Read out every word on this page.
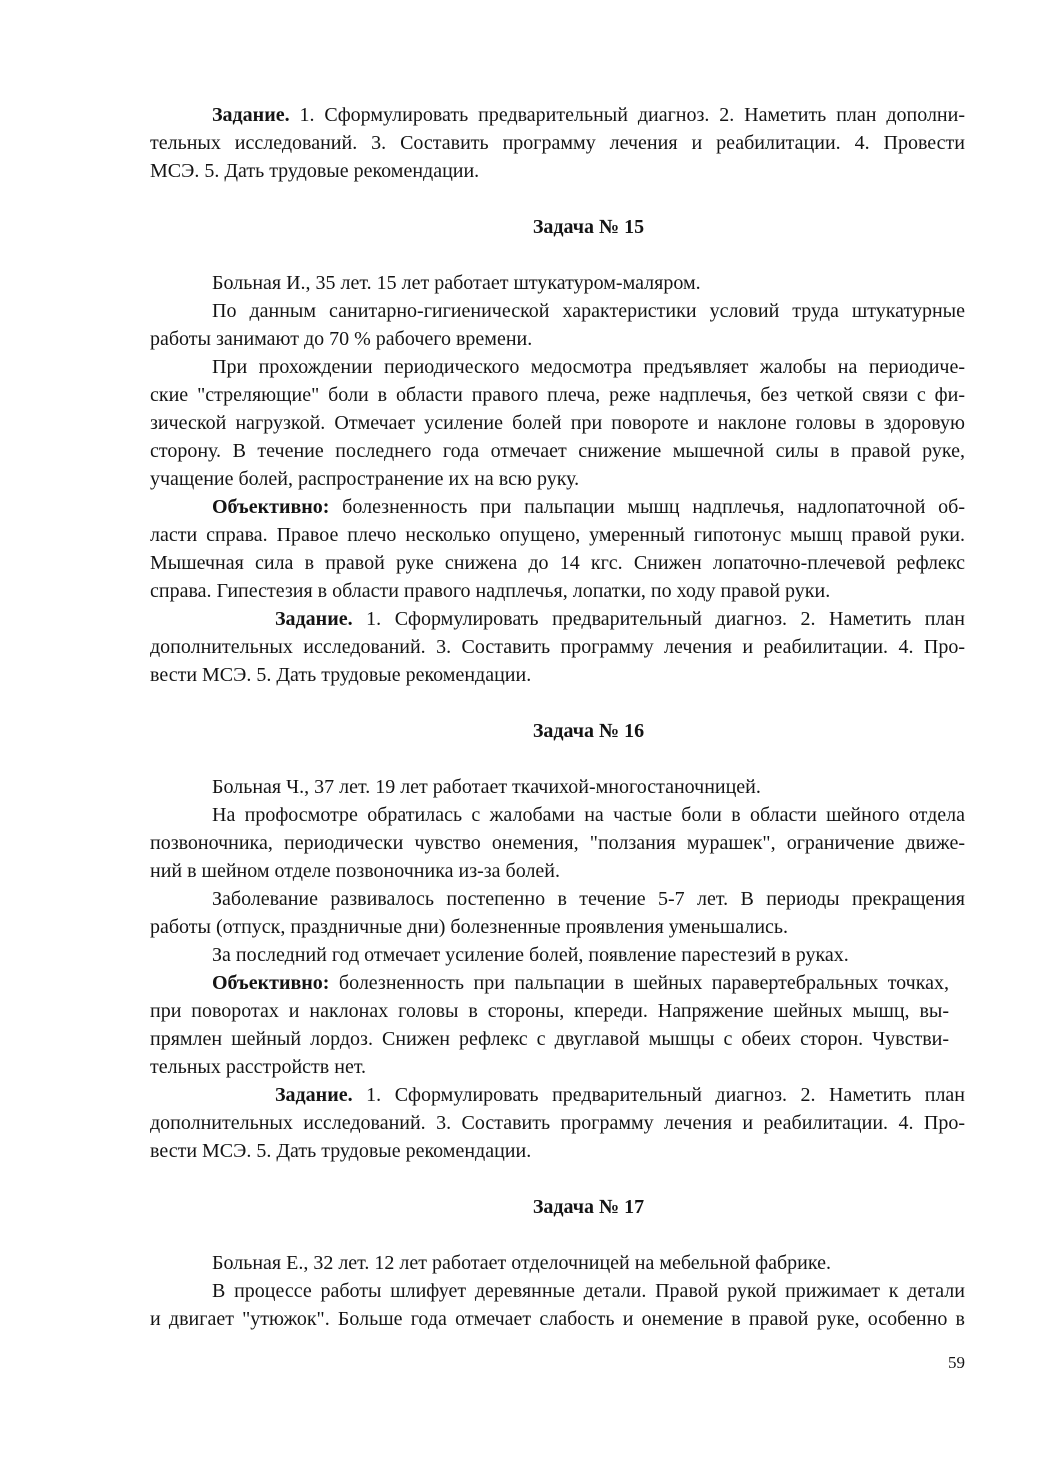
Задание. 1. Сформулировать предварительный диагноз. 2. Наметить план дополни-
тельных исследований. 3. Составить программу лечения и реабилитации. 4. Провести
МСЭ. 5. Дать трудовые рекомендации.
Задача № 15
Больная И., 35 лет. 15 лет работает штукатуром-маляром.
По данным санитарно-гигиенической характеристики условий труда штукатурные
работы занимают до 70 % рабочего времени.
При прохождении периодического медосмотра предъявляет жалобы на периодиче-
ские "стреляющие" боли в области правого плеча, реже надплечья, без четкой связи с фи-
зической нагрузкой. Отмечает усиление болей при повороте и наклоне головы в здоровую
сторону. В течение последнего года отмечает снижение мышечной силы в правой руке,
учащение болей, распространение их на всю руку.
Объективно: болезненность при пальпации мышц надплечья, надлопаточной об-
ласти справа. Правое плечо несколько опущено, умеренный гипотонус мышц правой руки.
Мышечная сила в правой руке снижена до 14 кгс. Снижен лопаточно-плечевой рефлекс
справа. Гипестезия в области правого надплечья, лопатки, по ходу правой руки.
Задание. 1. Сформулировать предварительный диагноз. 2. Наметить план
дополнительных исследований. 3. Составить программу лечения и реабилитации. 4. Про-
вести МСЭ. 5. Дать трудовые рекомендации.
Задача № 16
Больная Ч., 37 лет. 19 лет работает ткачихой-многостаночницей.
На профосмотре обратилась с жалобами на частые боли в области шейного отдела
позвоночника, периодически чувство онемения, "ползания мурашек", ограничение движе-
ний в шейном отделе позвоночника из-за болей.
Заболевание развивалось постепенно в течение 5-7 лет. В периоды прекращения
работы (отпуск, праздничные дни) болезненные проявления уменьшались.
За последний год отмечает усиление болей, появление парестезий в руках.
Объективно: болезненность при пальпации в шейных паравертебральных точках,
при поворотах и наклонах головы в стороны, кпереди. Напряжение шейных мышц, вы-
прямлен шейный лордоз. Снижен рефлекс с двуглавой мышцы с обеих сторон. Чувстви-
тельных расстройств нет.
Задание. 1. Сформулировать предварительный диагноз. 2. Наметить план
дополнительных исследований. 3. Составить программу лечения и реабилитации. 4. Про-
вести МСЭ. 5. Дать трудовые рекомендации.
Задача № 17
Больная Е., 32 лет. 12 лет работает отделочницей на мебельной фабрике.
В процессе работы шлифует деревянные детали. Правой рукой прижимает к детали
и двигает "утюжок". Больше года отмечает слабость и онемение в правой руке, особенно в
59
